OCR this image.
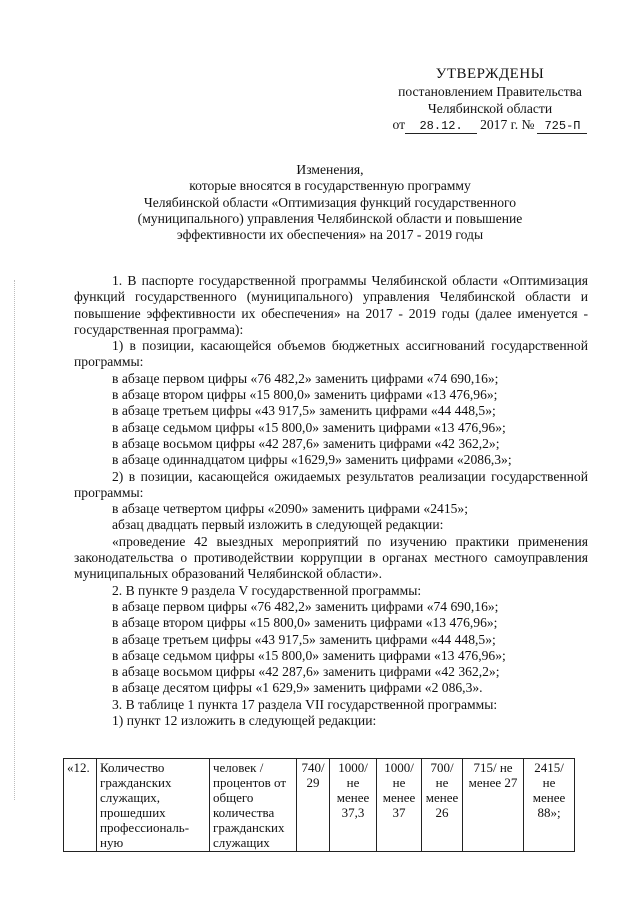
УТВЕРЖДЕНЫ
постановлением Правительства
Челябинской области
от	28.12.	2017 г. № 725-П
Изменения,
которые вносятся в государственную программу
Челябинской области «Оптимизация функций государственного
(муниципального) управления Челябинской области и повышение
эффективности их обеспечения» на 2017 - 2019 годы

1. В паспорте государственной программы Челябинской области «Оптимизация функций государственного (муниципального) управления Челябинской области и повышение эффективности их обеспечения» на 2017 - 2019 годы (далее именуется - государственная программа):

1) в позиции, касающейся объемов бюджетных ассигнований государственной программы:

в абзаце первом цифры «76 482,2» заменить цифрами «74 690,16»;

в абзаце втором цифры «15 800,0» заменить цифрами «13 476,96»;

в абзаце третьем цифры «43 917,5» заменить цифрами «44 448,5»;

в абзаце седьмом цифры «15 800,0» заменить цифрами «13 476,96»;

в абзаце восьмом цифры «42 287,6» заменить цифрами «42 362,2»;

в абзаце одиннадцатом цифры «1629,9» заменить цифрами «2086,3»;

2) в позиции, касающейся ожидаемых результатов реализации государственной программы:

в абзаце четвертом цифры «2090» заменить цифрами «2415»;

абзац двадцать первый изложить в следующей редакции:

«проведение 42 выездных мероприятий по изучению практики применения законодательства о противодействии коррупции в органах местного самоуправления муниципальных образований Челябинской области».

2. В пункте 9 раздела V государственной программы:

в абзаце первом цифры «76 482,2» заменить цифрами «74 690,16»;

в абзаце втором цифры «15 800,0» заменить цифрами «13 476,96»;

в абзаце третьем цифры «43 917,5» заменить цифрами «44 448,5»;

в абзаце седьмом цифры «15 800,0» заменить цифрами «13 476,96»;

в абзаце восьмом цифры «42 287,6» заменить цифрами «42 362,2»;

в абзаце десятом цифры «1 629,9» заменить цифрами «2 086,3».

3. В таблице 1 пункта 17 раздела VII государственной программы:

1) пункт 12 изложить в следующей редакции:

«12.	Количество гражданских служащих, прошедших профессиональ-ную	человек / процентов от общего количества гражданских служащих	740/ 29	1000/ не менее 37,3	1000/ не менее 37	700/ не менее 26	715/ не менее 27	2415/ не менее 88»;
